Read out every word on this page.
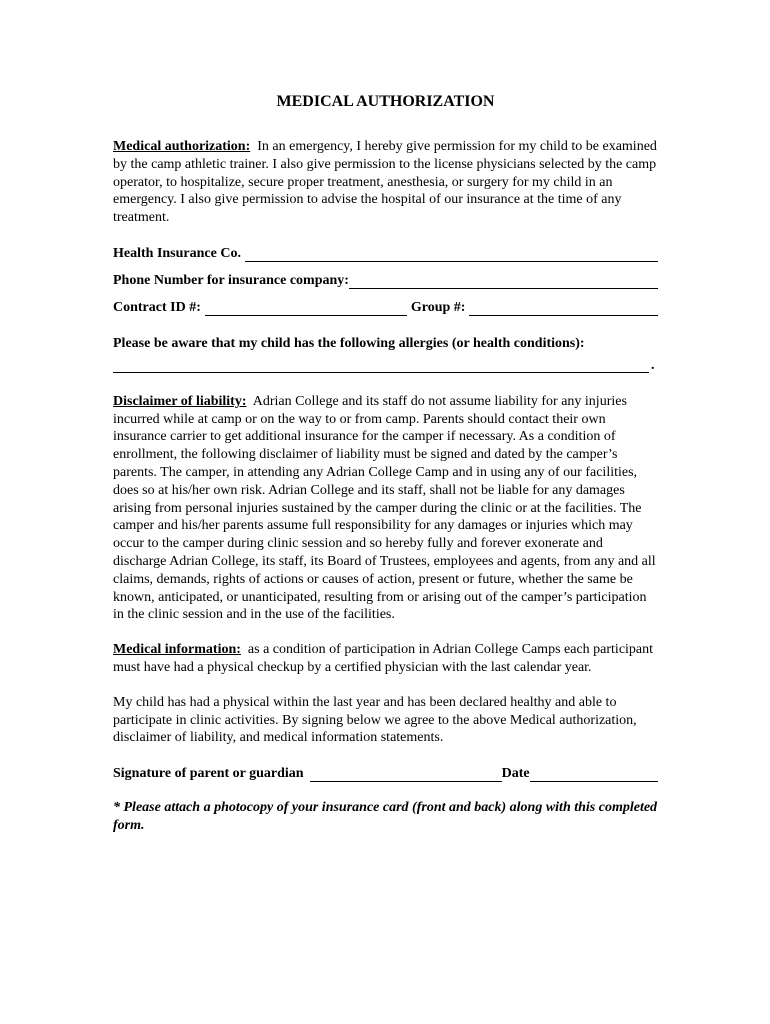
MEDICAL AUTHORIZATION

Medical authorization: In an emergency, I hereby give permission for my child to be examined by the camp athletic trainer. I also give permission to the license physicians selected by the camp operator, to hospitalize, secure proper treatment, anesthesia, or surgery for my child in an emergency. I also give permission to advise the hospital of our insurance at the time of any treatment.

Health Insurance Co.
Phone Number for insurance company:
Contract ID #:	Group #:

Please be aware that my child has the following allergies (or health conditions):

.

Disclaimer of liability: Adrian College and its staff do not assume liability for any injuries incurred while at camp or on the way to or from camp. Parents should contact their own insurance carrier to get additional insurance for the camper if necessary. As a condition of enrollment, the following disclaimer of liability must be signed and dated by the camper’s parents. The camper, in attending any Adrian College Camp and in using any of our facilities, does so at his/her own risk. Adrian College and its staff, shall not be liable for any damages arising from personal injuries sustained by the camper during the clinic or at the facilities. The camper and his/her parents assume full responsibility for any damages or injuries which may occur to the camper during clinic session and so hereby fully and forever exonerate and discharge Adrian College, its staff, its Board of Trustees, employees and agents, from any and all claims, demands, rights of actions or causes of action, present or future, whether the same be known, anticipated, or unanticipated, resulting from or arising out of the camper’s participation in the clinic session and in the use of the facilities.

Medical information: as a condition of participation in Adrian College Camps each participant must have had a physical checkup by a certified physician with the last calendar year.

My child has had a physical within the last year and has been declared healthy and able to participate in clinic activities. By signing below we agree to the above Medical authorization, disclaimer of liability, and medical information statements.

Signature of parent or guardian	Date

* Please attach a photocopy of your insurance card (front and back) along with this completed form.
